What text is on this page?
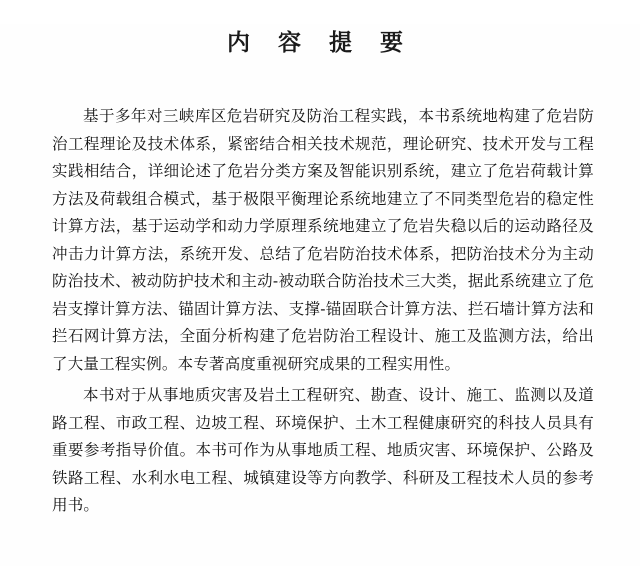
内 容 提 要

基于多年对三峡库区危岩研究及防治工程实践，本书系统地构建了危岩防治工程理论及技术体系，紧密结合相关技术规范，理论研究、技术开发与工程实践相结合，详细论述了危岩分类方案及智能识别系统，建立了危岩荷载计算方法及荷载组合模式，基于极限平衡理论系统地建立了不同类型危岩的稳定性计算方法，基于运动学和动力学原理系统地建立了危岩失稳以后的运动路径及冲击力计算方法，系统开发、总结了危岩防治技术体系，把防治技术分为主动防治技术、被动防护技术和主动-被动联合防治技术三大类，据此系统建立了危岩支撑计算方法、锚固计算方法、支撑-锚固联合计算方法、拦石墙计算方法和拦石网计算方法，全面分析构建了危岩防治工程设计、施工及监测方法，给出了大量工程实例。本专著高度重视研究成果的工程实用性。

本书对于从事地质灾害及岩土工程研究、勘查、设计、施工、监测以及道路工程、市政工程、边坡工程、环境保护、土木工程健康研究的科技人员具有重要参考指导价值。本书可作为从事地质工程、地质灾害、环境保护、公路及铁路工程、水利水电工程、城镇建设等方向教学、科研及工程技术人员的参考用书。
